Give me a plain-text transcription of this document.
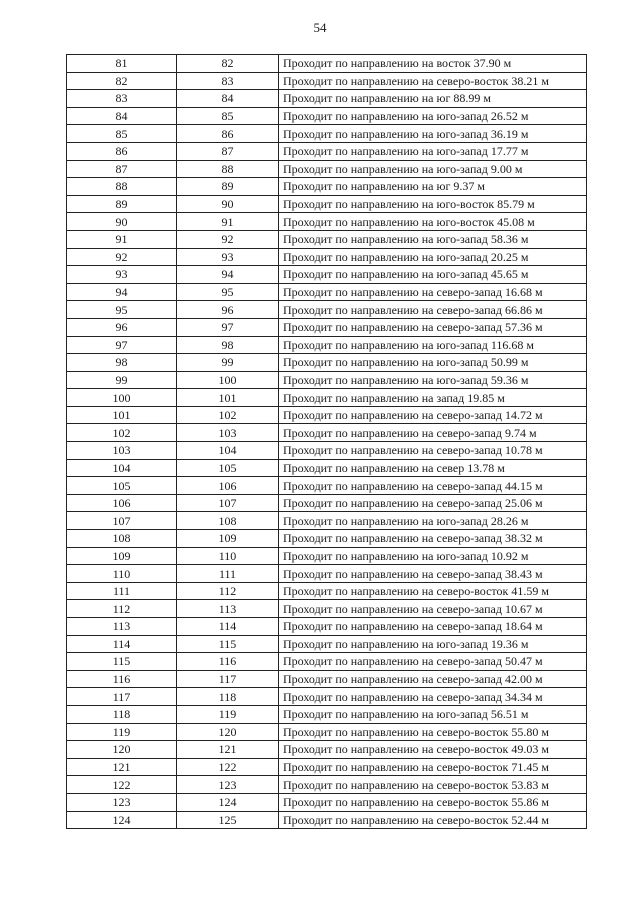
54
81	82	Проходит по направлению на восток 37.90 м
82	83	Проходит по направлению на северо-восток 38.21 м
83	84	Проходит по направлению на юг 88.99 м
84	85	Проходит по направлению на юго-запад 26.52 м
85	86	Проходит по направлению на юго-запад 36.19 м
86	87	Проходит по направлению на юго-запад 17.77 м
87	88	Проходит по направлению на юго-запад 9.00 м
88	89	Проходит по направлению на юг 9.37 м
89	90	Проходит по направлению на юго-восток 85.79 м
90	91	Проходит по направлению на юго-восток 45.08 м
91	92	Проходит по направлению на юго-запад 58.36 м
92	93	Проходит по направлению на юго-запад 20.25 м
93	94	Проходит по направлению на юго-запад 45.65 м
94	95	Проходит по направлению на северо-запад 16.68 м
95	96	Проходит по направлению на северо-запад 66.86 м
96	97	Проходит по направлению на северо-запад 57.36 м
97	98	Проходит по направлению на юго-запад 116.68 м
98	99	Проходит по направлению на юго-запад 50.99 м
99	100	Проходит по направлению на юго-запад 59.36 м
100	101	Проходит по направлению на запад 19.85 м
101	102	Проходит по направлению на северо-запад 14.72 м
102	103	Проходит по направлению на северо-запад 9.74 м
103	104	Проходит по направлению на северо-запад 10.78 м
104	105	Проходит по направлению на север 13.78 м
105	106	Проходит по направлению на северо-запад 44.15 м
106	107	Проходит по направлению на северо-запад 25.06 м
107	108	Проходит по направлению на юго-запад 28.26 м
108	109	Проходит по направлению на северо-запад 38.32 м
109	110	Проходит по направлению на юго-запад 10.92 м
110	111	Проходит по направлению на северо-запад 38.43 м
111	112	Проходит по направлению на северо-восток 41.59 м
112	113	Проходит по направлению на северо-запад 10.67 м
113	114	Проходит по направлению на северо-запад 18.64 м
114	115	Проходит по направлению на юго-запад 19.36 м
115	116	Проходит по направлению на северо-запад 50.47 м
116	117	Проходит по направлению на северо-запад 42.00 м
117	118	Проходит по направлению на северо-запад 34.34 м
118	119	Проходит по направлению на юго-запад 56.51 м
119	120	Проходит по направлению на северо-восток 55.80 м
120	121	Проходит по направлению на северо-восток 49.03 м
121	122	Проходит по направлению на северо-восток 71.45 м
122	123	Проходит по направлению на северо-восток 53.83 м
123	124	Проходит по направлению на северо-восток 55.86 м
124	125	Проходит по направлению на северо-восток 52.44 м
